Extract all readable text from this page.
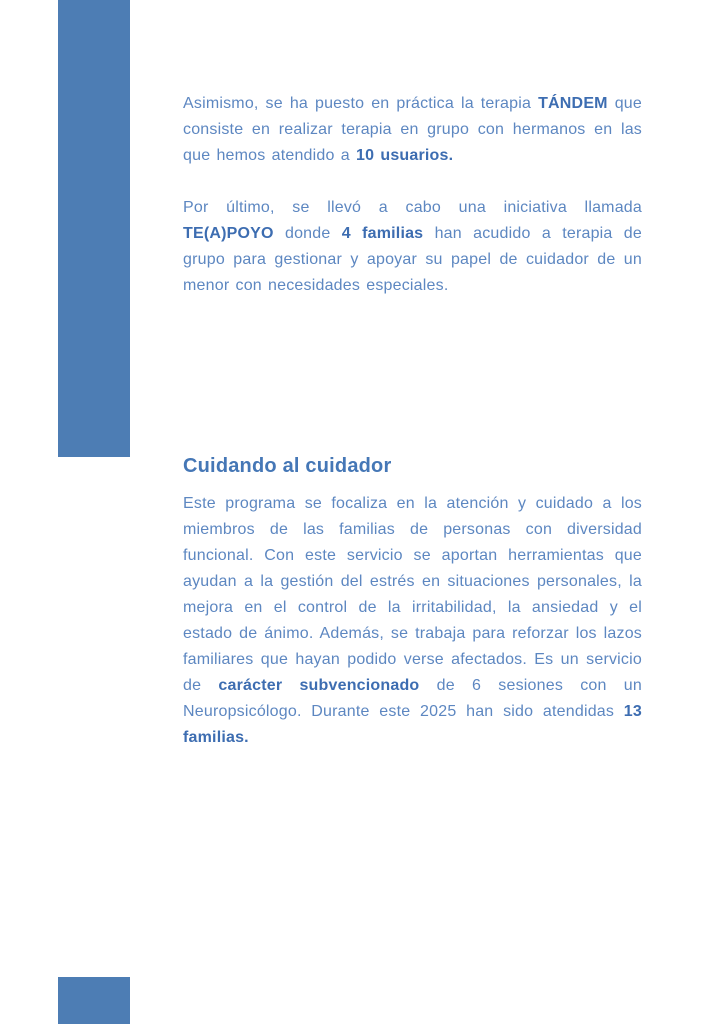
Asimismo, se ha puesto en práctica la terapia TÁNDEM que consiste en realizar terapia en grupo con hermanos en las que hemos atendido a 10 usuarios.

Por último, se llevó a cabo una iniciativa llamada TE(A)POYO donde 4 familias han acudido a terapia de grupo para gestionar y apoyar su papel de cuidador de un menor con necesidades especiales.

Cuidando al cuidador

Este programa se focaliza en la atención y cuidado a los miembros de las familias de personas con diversidad funcional. Con este servicio se aportan herramientas que ayudan a la gestión del estrés en situaciones personales, la mejora en el control de la irritabilidad, la ansiedad y el estado de ánimo. Además, se trabaja para reforzar los lazos familiares que hayan podido verse afectados. Es un servicio de carácter subvencionado de 6 sesiones con un Neuropsicólogo. Durante este 2025 han sido atendidas 13 familias.
